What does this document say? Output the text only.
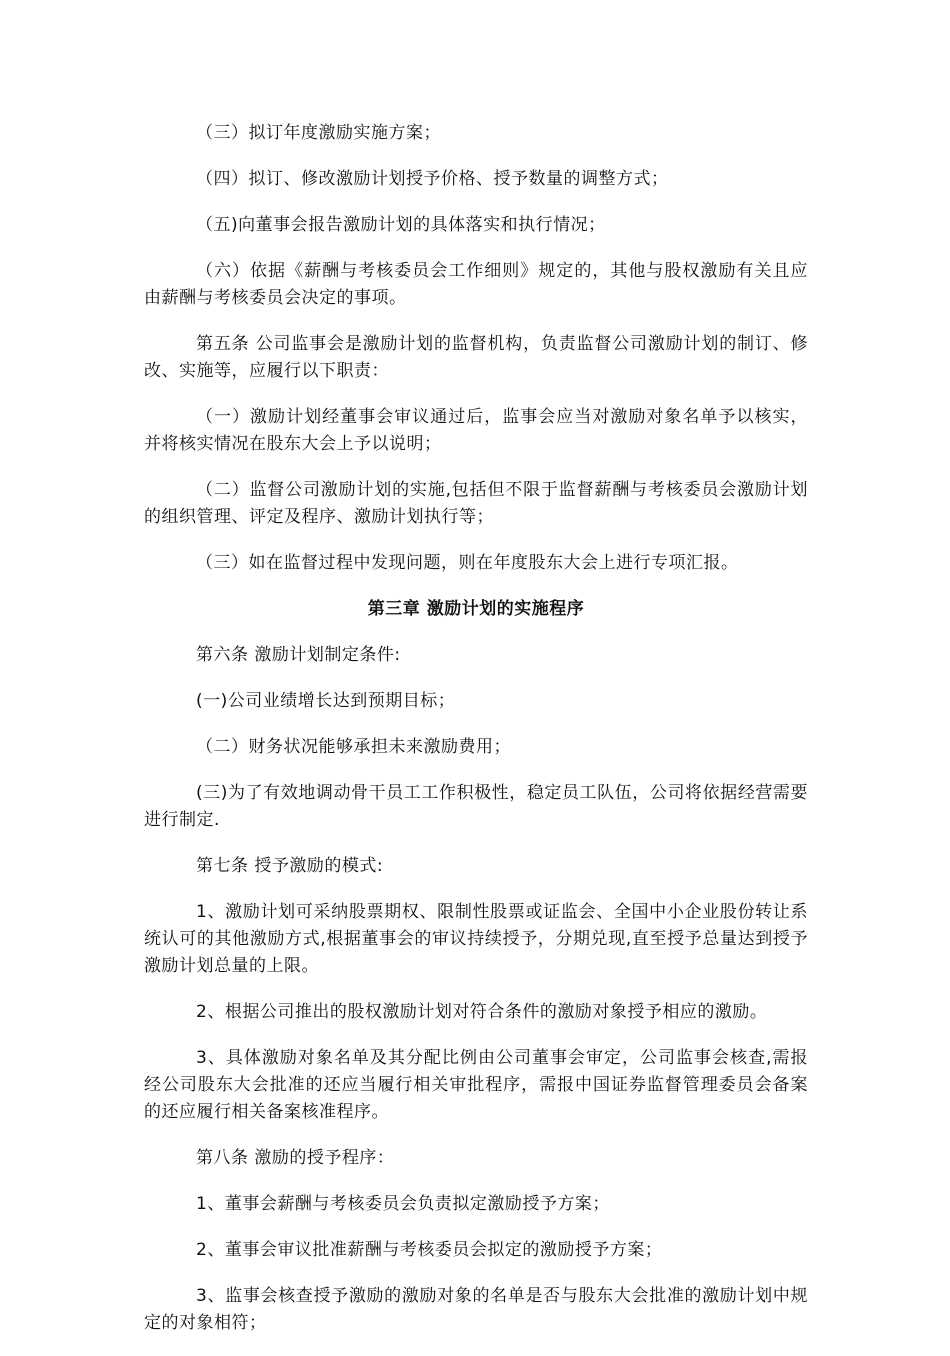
（三）拟订年度激励实施方案；

（四）拟订、修改激励计划授予价格、授予数量的调整方式；

（五)向董事会报告激励计划的具体落实和执行情况；

（六）依据《薪酬与考核委员会工作细则》规定的，其他与股权激励有关且应由薪酬与考核委员会决定的事项。

第五条 公司监事会是激励计划的监督机构，负责监督公司激励计划的制订、修改、实施等，应履行以下职责：

（一）激励计划经董事会审议通过后，监事会应当对激励对象名单予以核实，并将核实情况在股东大会上予以说明；

（二）监督公司激励计划的实施,包括但不限于监督薪酬与考核委员会激励计划的组织管理、评定及程序、激励计划执行等；

（三）如在监督过程中发现问题，则在年度股东大会上进行专项汇报。

第三章 激励计划的实施程序

第六条 激励计划制定条件:

(一)公司业绩增长达到预期目标；

（二）财务状况能够承担未来激励费用；

(三)为了有效地调动骨干员工工作积极性，稳定员工队伍，公司将依据经营需要进行制定.

第七条 授予激励的模式:

1、激励计划可采纳股票期权、限制性股票或证监会、全国中小企业股份转让系统认可的其他激励方式,根据董事会的审议持续授予，分期兑现,直至授予总量达到授予激励计划总量的上限。

2、根据公司推出的股权激励计划对符合条件的激励对象授予相应的激励。

3、具体激励对象名单及其分配比例由公司董事会审定，公司监事会核查,需报经公司股东大会批准的还应当履行相关审批程序，需报中国证券监督管理委员会备案的还应履行相关备案核准程序。

第八条 激励的授予程序：

1、董事会薪酬与考核委员会负责拟定激励授予方案；

2、董事会审议批准薪酬与考核委员会拟定的激励授予方案；

3、监事会核查授予激励的激励对象的名单是否与股东大会批准的激励计划中规定的对象相符；
